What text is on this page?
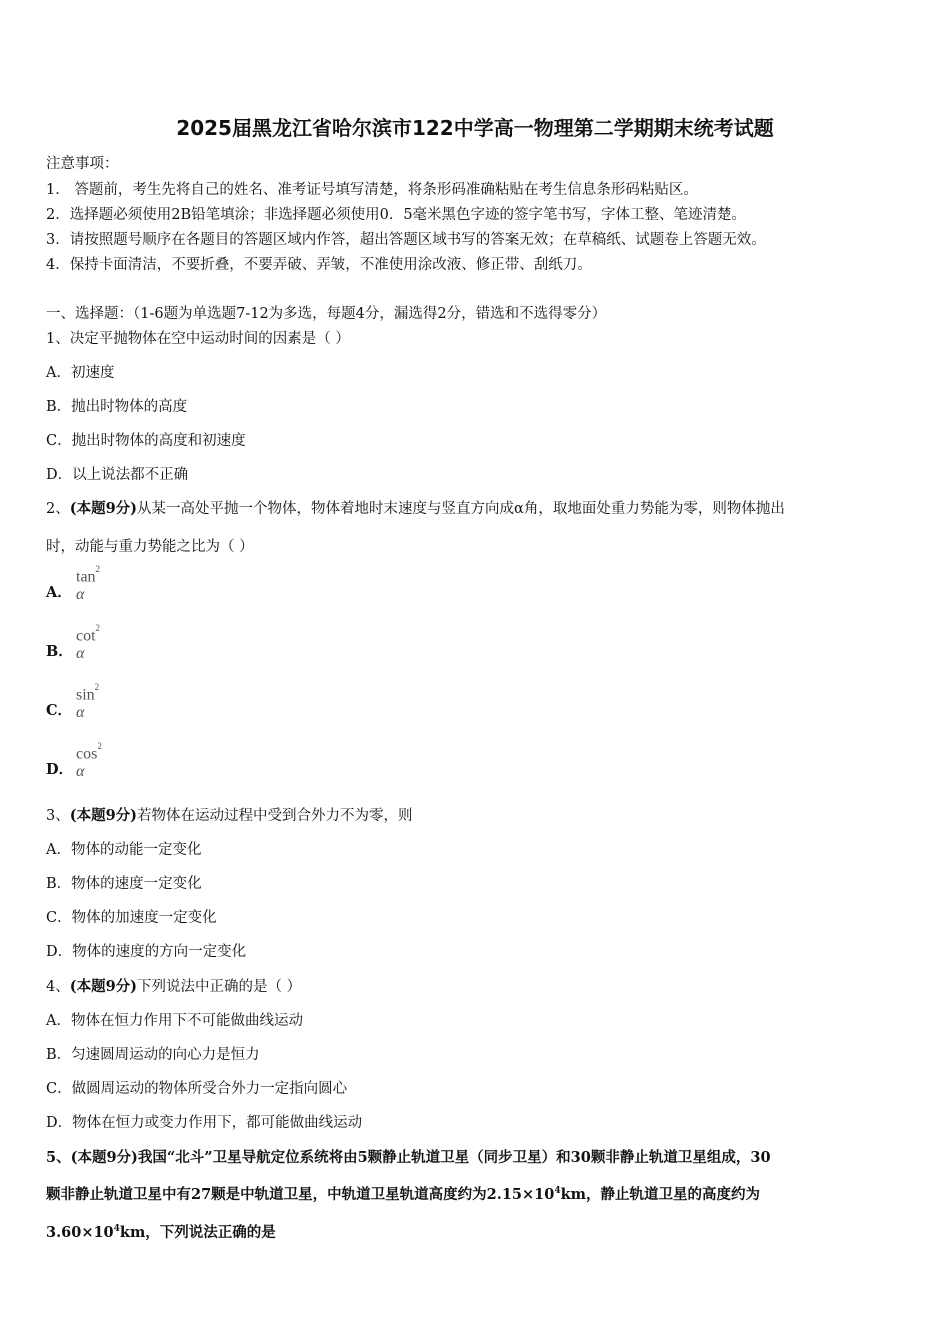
2025届黑龙江省哈尔滨市122中学高一物理第二学期期末统考试题
注意事项：
1． 答题前，考生先将自己的姓名、准考证号填写清楚，将条形码准确粘贴在考生信息条形码粘贴区。
2．选择题必须使用2B铅笔填涂；非选择题必须使用0．5毫米黑色字迹的签字笔书写，字体工整、笔迹清楚。
3．请按照题号顺序在各题目的答题区域内作答，超出答题区域书写的答案无效；在草稿纸、试题卷上答题无效。
4．保持卡面清洁，不要折叠，不要弄破、弄皱，不准使用涂改液、修正带、刮纸刀。
一、选择题：（1-6题为单选题7-12为多选，每题4分，漏选得2分，错选和不选得零分）
1、决定平抛物体在空中运动时间的因素是（ ）
A．初速度
B．抛出时物体的高度
C．抛出时物体的高度和初速度
D．以上说法都不正确
2、(本题9分)从某一高处平抛一个物体，物体着地时末速度与竖直方向成α角，取地面处重力势能为零，则物体抛出
时，动能与重力势能之比为（ ）
A．
$\tan^2 \alpha$
B．
$\cot^2 \alpha$
C．
$\sin^2 \alpha$
D．
$\cos^2 \alpha$
3、(本题9分)若物体在运动过程中受到合外力不为零，则
A．物体的动能一定变化
B．物体的速度一定变化
C．物体的加速度一定变化
D．物体的速度的方向一定变化
4、(本题9分)下列说法中正确的是（ ）
A．物体在恒力作用下不可能做曲线运动
B．匀速圆周运动的向心力是恒力
C．做圆周运动的物体所受合外力一定指向圆心
D．物体在恒力或变力作用下，都可能做曲线运动
5、(本题9分)我国“北斗”卫星导航定位系统将由5颗静止轨道卫星（同步卫星）和30颗非静止轨道卫星组成，30
颗非静止轨道卫星中有27颗是中轨道卫星，中轨道卫星轨道高度约为$2.15\times 10^4km$，静止轨道卫星的高度约为
$3.60\times 10^4km$，下列说法正确的是
